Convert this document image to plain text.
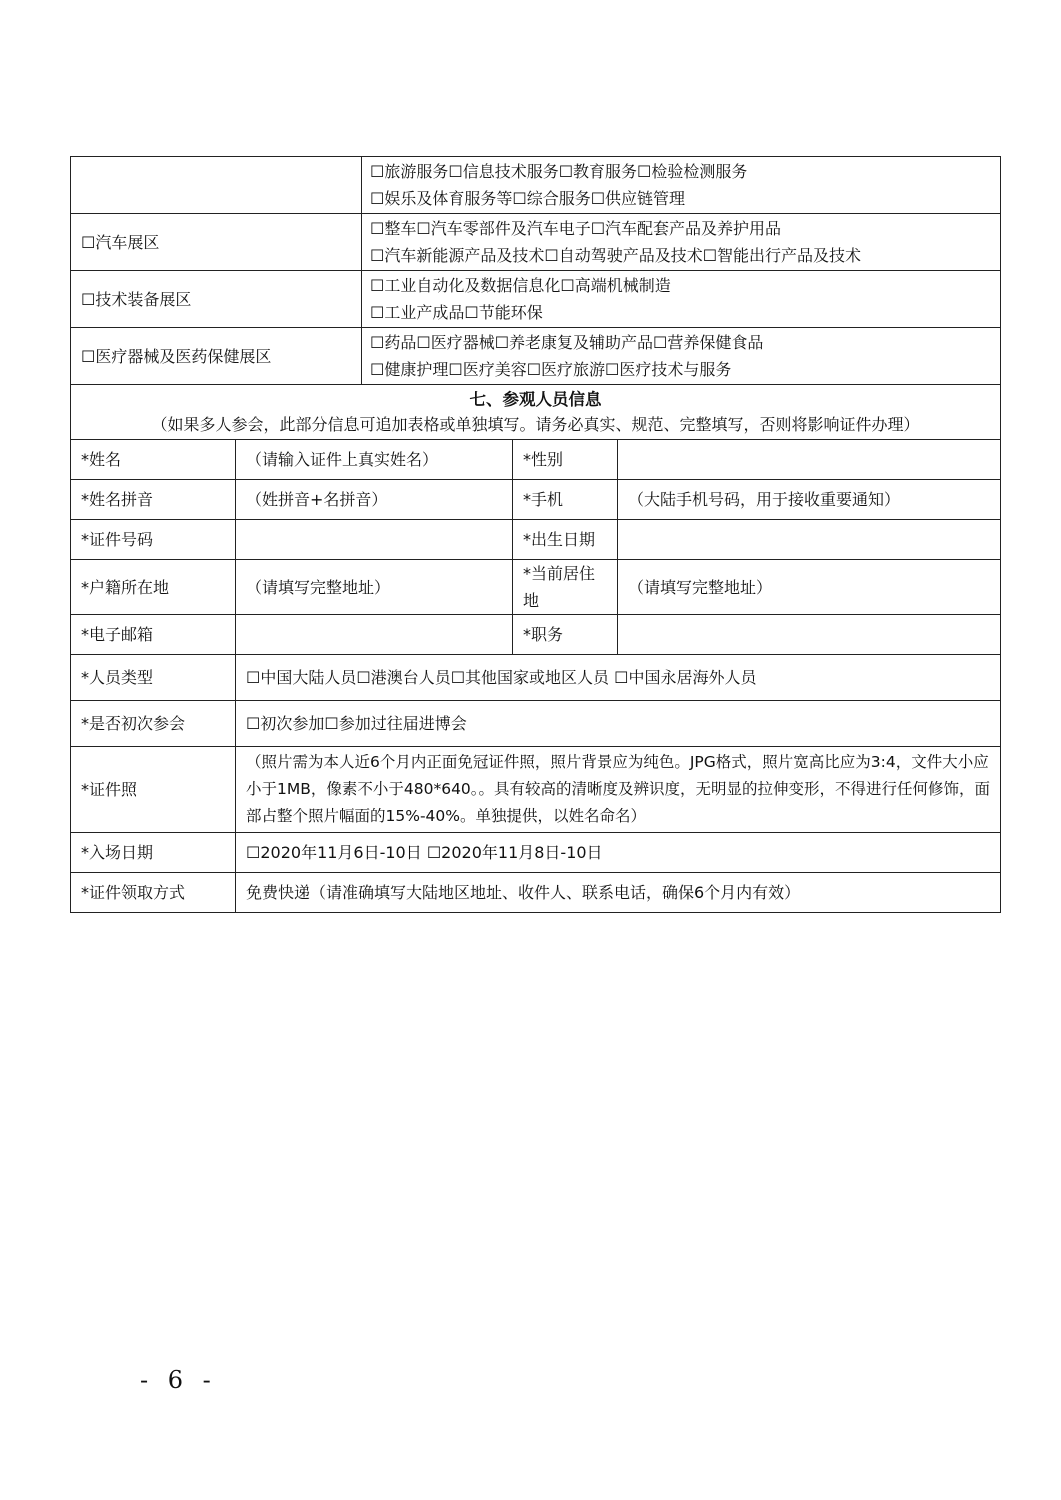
		☐旅游服务☐信息技术服务☐教育服务☐检验检测服务
☐娱乐及体育服务等☐综合服务☐供应链管理		

☐汽车展区		☐整车☐汽车零部件及汽车电子☐汽车配套产品及养护用品
☐汽车新能源产品及技术☐自动驾驶产品及技术☐智能出行产品及技术		

☐技术装备展区		☐工业自动化及数据信息化☐高端机械制造
☐工业产成品☐节能环保		

☐医疗器械及医药保健展区		☐药品☐医疗器械☐养老康复及辅助产品☐营养保健食品
☐健康护理☐医疗美容☐医疗旅游☐医疗技术与服务		

七、参观人员信息				
（如果多人参会，此部分信息可追加表格或单独填写。请务必真实、规范、完整填写，否则将影响证件办理）				
*姓名	（请输入证件上真实姓名）		*性别	
*姓名拼音	（姓拼音+名拼音）		*手机	（大陆手机号码，用于接收重要通知）
*证件号码			*出生日期	
*户籍所在地	（请填写完整地址）		*当前居住地	（请填写完整地址）
*电子邮箱			*职务	
*人员类型	☐中国大陆人员☐港澳台人员☐其他国家或地区人员 ☐中国永居海外人员			
*是否初次参会	☐初次参加☐参加过往届进博会			
*证件照	（照片需为本人近6个月内正面免冠证件照，照片背景应为纯色。JPG格式，照片宽高比应为3:4，文件大小应小于1MB，像素不小于480*640。。具有较高的清晰度及辨识度，无明显的拉伸变形，不得进行任何修饰，面部占整个照片幅面的15%-40%。单独提供，以姓名命名）			
*入场日期	☐2020年11月6日-10日 ☐2020年11月8日-10日			
*证件领取方式	免费快递（请准确填写大陆地区地址、收件人、联系电话，确保6个月内有效）			
- 6 -
